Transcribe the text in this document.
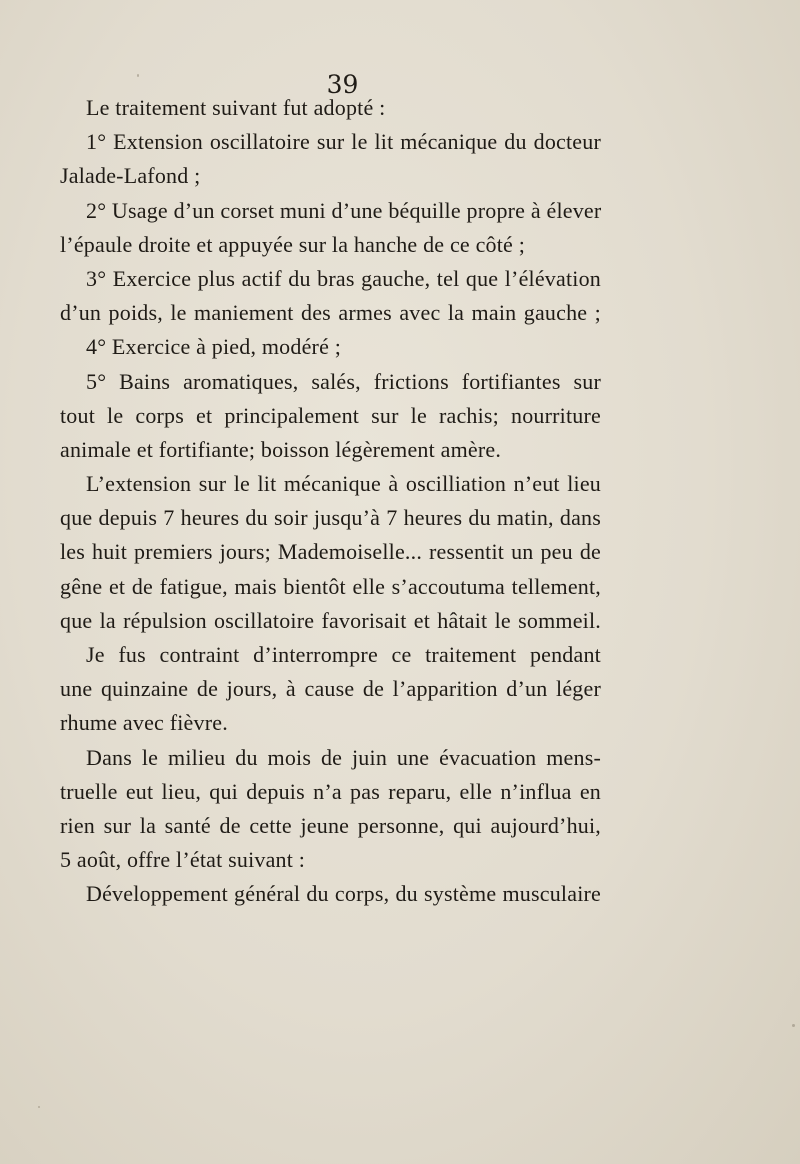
39
Le traitement suivant fut adopté :
1° Extension oscillatoire sur le lit mécanique du docteur
Jalade-Lafond ;
2° Usage d’un corset muni d’une béquille propre à élever
l’épaule droite et appuyée sur la hanche de ce côté ;
3° Exercice plus actif du bras gauche, tel que l’élévation
d’un poids, le maniement des armes avec la main gauche ;
4° Exercice à pied, modéré ;
5° Bains aromatiques, salés, frictions fortifiantes sur
tout le corps et principalement sur le rachis; nourriture
animale et fortifiante; boisson légèrement amère.
L’extension sur le lit mécanique à oscilliation n’eut lieu
que depuis 7 heures du soir jusqu’à 7 heures du matin, dans
les huit premiers jours; Mademoiselle... ressentit un peu de
gêne et de fatigue, mais bientôt elle s’accoutuma tellement,
que la répulsion oscillatoire favorisait et hâtait le sommeil.
Je fus contraint d’interrompre ce traitement pendant
une quinzaine de jours, à cause de l’apparition d’un léger
rhume avec fièvre.
Dans le milieu du mois de juin une évacuation mens-
truelle eut lieu, qui depuis n’a pas reparu, elle n’influa en
rien sur la santé de cette jeune personne, qui aujourd’hui,
5 août, offre l’état suivant :
Développement général du corps, du système musculaire
